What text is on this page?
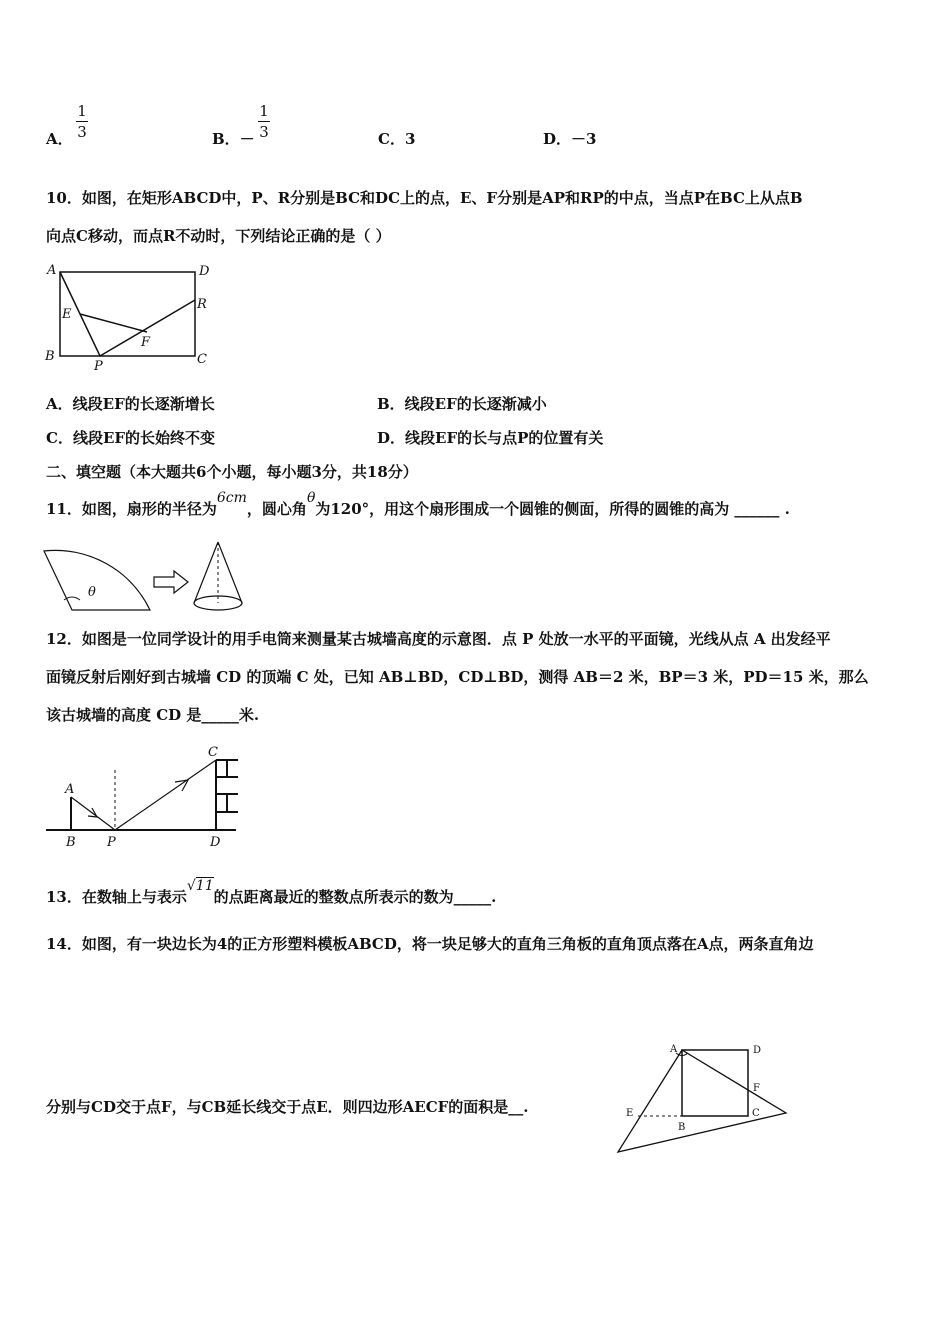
A．
1
3	B．－
1
3	C．3	D．－3
10．如图，在矩形ABCD中，P、R分别是BC和DC上的点，E、F分别是AP和RP的中点，当点P在BC上从点B
向点C移动，而点R不动时，下列结论正确的是（ ）
A	D
R
E
F
B
P	C
A．线段EF的长逐渐增长	B．线段EF的长逐渐减小
C．线段EF的长始终不变	D．线段EF的长与点P的位置有关
二、填空题（本大题共6个小题，每小题3分，共18分）
11．如图，扇形的半径为6cm，圆心角θ为120°，用这个扇形围成一个圆锥的侧面，所得的圆锥的高为 ______ .
θ
12．如图是一位同学设计的用手电筒来测量某古城墙高度的示意图．点 P 处放一水平的平面镜，光线从点 A 出发经平
面镜反射后刚好到古城墙 CD 的顶端 C 处，已知 AB⊥BD，CD⊥BD，测得 AB＝2 米，BP＝3 米，PD＝15 米，那么
该古城墙的高度 CD 是_____米.
A
B P
C
D
13．在数轴上与表示√11的点距离最近的整数点所表示的数为_____.
14．如图，有一块边长为4的正方形塑料模板ABCD，将一块足够大的直角三角板的直角顶点落在A点，两条直角边
分别与CD交于点F，与CB延长线交于点E．则四边形AECF的面积是__.
A	D
F
E
B
C
